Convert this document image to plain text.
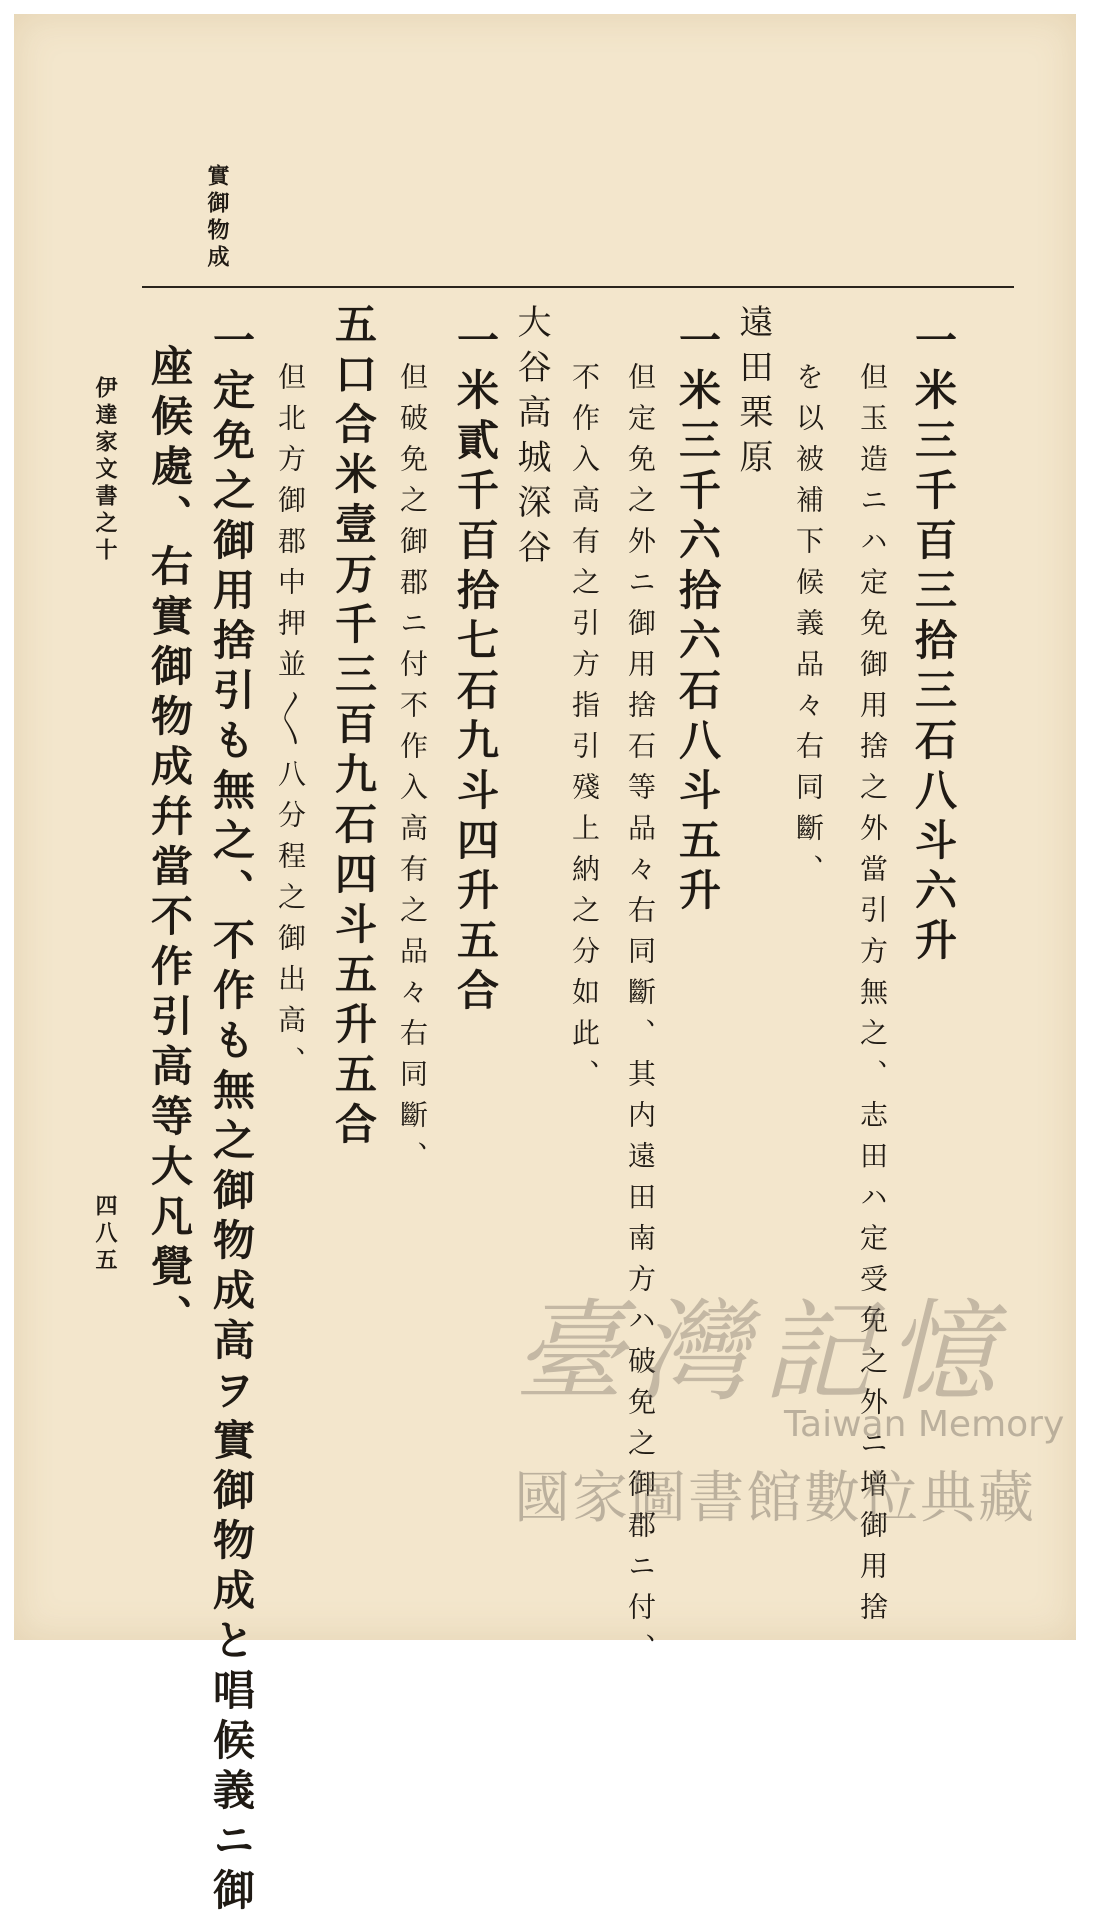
實御物成
一米三千百三拾三石八斗六升
但玉造ニハ定免御用捨之外當引方無之、志田ハ定受免之外ニ增御用捨
を以被補下候義品々右同斷、
遠田栗原
一米三千六拾六石八斗五升
但定免之外ニ御用捨石等品々右同斷、其内遠田南方ハ破免之御郡ニ付、
不作入高有之引方指引殘上納之分如此、
大谷高城深谷
一米貳千百拾七石九斗四升五合
但破免之御郡ニ付不作入高有之品々右同斷、
五口合米壹万千三百九石四斗五升五合
但北方御郡中押並〳〵八分程之御出高、
一定免之御用捨引も無之、不作も無之御物成高ヲ實御物成と唱候義ニ御
座候處、右實御物成幷當不作引高等大凡覺、
伊達家文書之十
四八五
臺灣記憶
Taiwan Memory
國家圖書館數位典藏
